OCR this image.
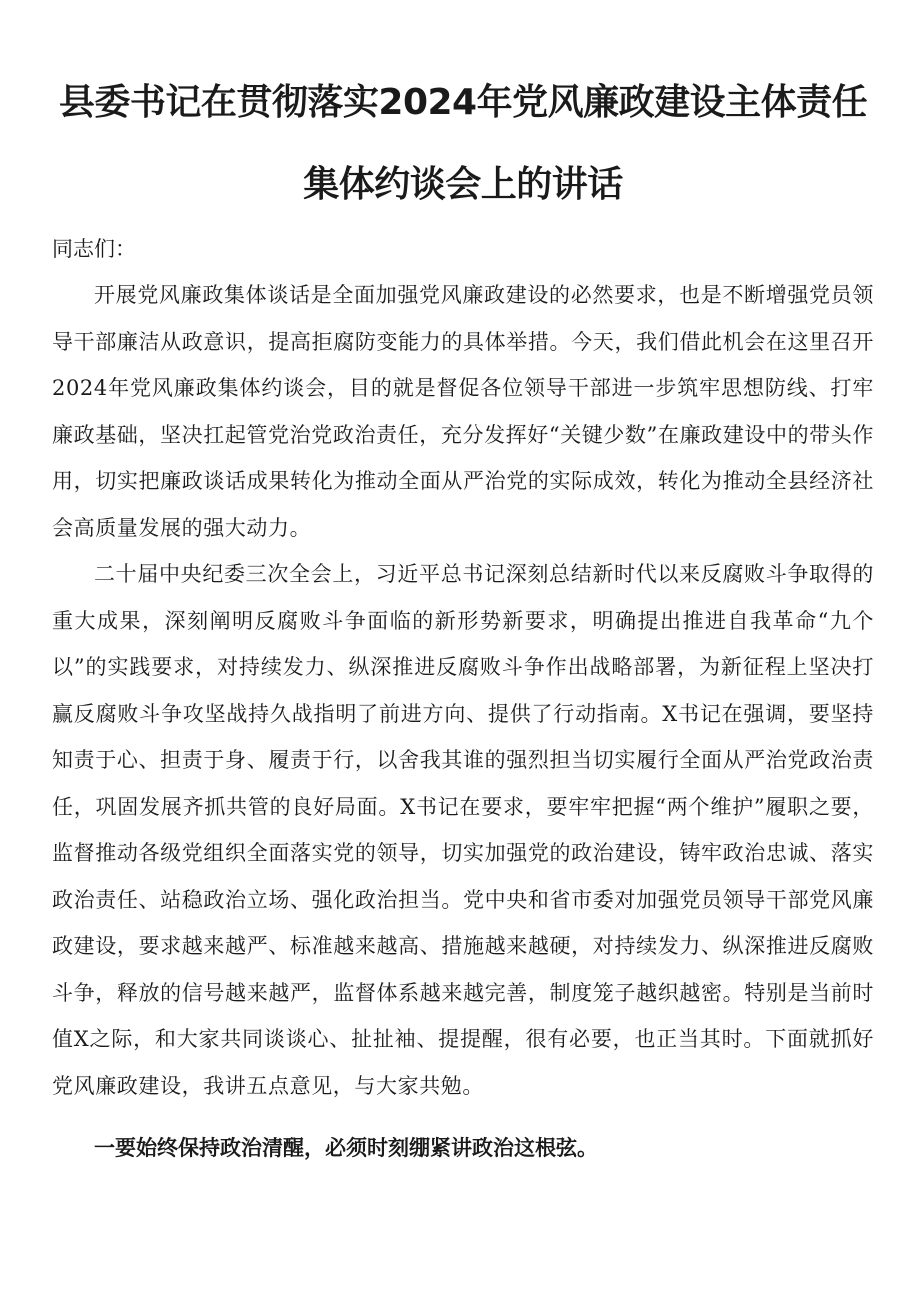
县委书记在贯彻落实2024年党风廉政建设主体责任集体约谈会上的讲话

同志们：

开展党风廉政集体谈话是全面加强党风廉政建设的必然要求，也是不断增强党员领导干部廉洁从政意识，提高拒腐防变能力的具体举措。今天，我们借此机会在这里召开2024年党风廉政集体约谈会，目的就是督促各位领导干部进一步筑牢思想防线、打牢廉政基础，坚决扛起管党治党政治责任，充分发挥好“关键少数”在廉政建设中的带头作用，切实把廉政谈话成果转化为推动全面从严治党的实际成效，转化为推动全县经济社会高质量发展的强大动力。

二十届中央纪委三次全会上，习近平总书记深刻总结新时代以来反腐败斗争取得的重大成果，深刻阐明反腐败斗争面临的新形势新要求，明确提出推进自我革命“九个以”的实践要求，对持续发力、纵深推进反腐败斗争作出战略部署，为新征程上坚决打赢反腐败斗争攻坚战持久战指明了前进方向、提供了行动指南。X书记在强调，要坚持知责于心、担责于身、履责于行，以舍我其谁的强烈担当切实履行全面从严治党政治责任，巩固发展齐抓共管的良好局面。X书记在要求，要牢牢把握“两个维护”履职之要，监督推动各级党组织全面落实党的领导，切实加强党的政治建设，铸牢政治忠诚、落实政治责任、站稳政治立场、强化政治担当。党中央和省市委对加强党员领导干部党风廉政建设，要求越来越严、标准越来越高、措施越来越硬，对持续发力、纵深推进反腐败斗争，释放的信号越来越严，监督体系越来越完善，制度笼子越织越密。特别是当前时值X之际，和大家共同谈谈心、扯扯袖、提提醒，很有必要，也正当其时。下面就抓好党风廉政建设，我讲五点意见，与大家共勉。

一要始终保持政治清醒，必须时刻绷紧讲政治这根弦。
